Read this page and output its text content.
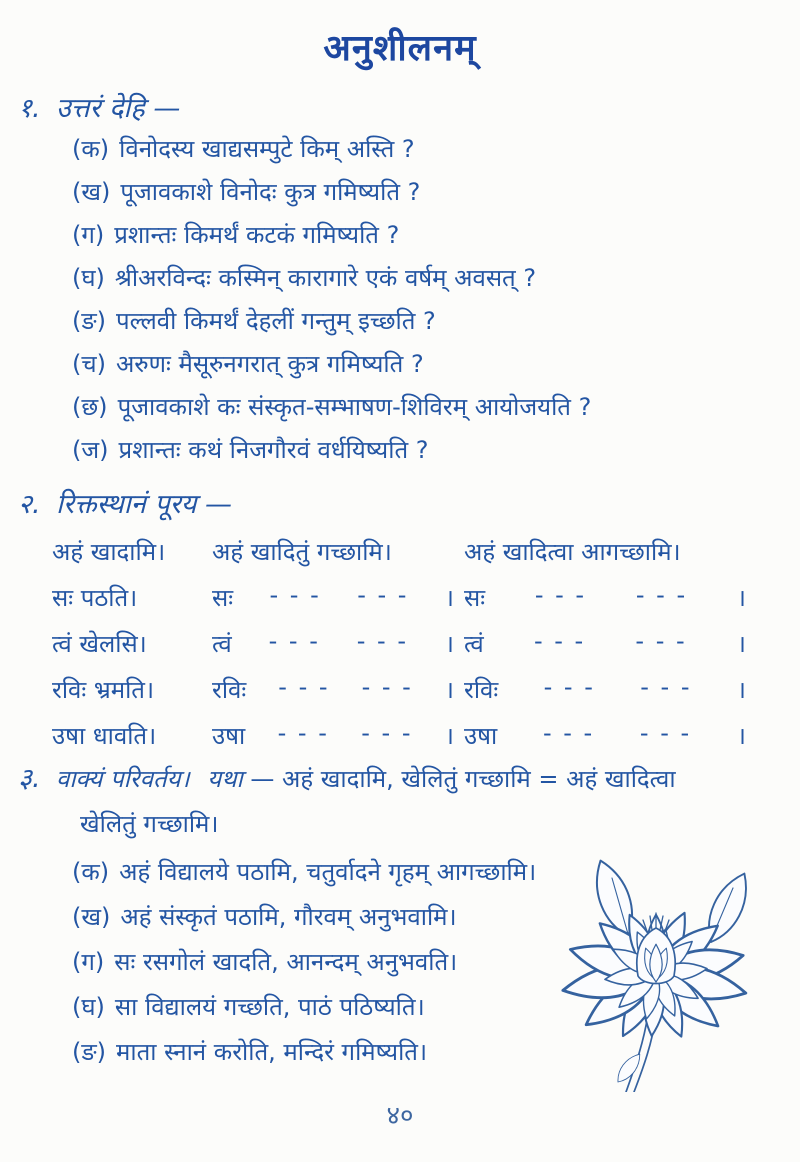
अनुशीलनम्
१. उत्तरं देहि —
(क) विनोदस्य खाद्यसम्पुटे किम् अस्ति ?
(ख) पूजावकाशे विनोदः कुत्र गमिष्यति ?
(ग) प्रशान्तः किमर्थं कटकं गमिष्यति ?
(घ) श्रीअरविन्दः कस्मिन् कारागारे एकं वर्षम् अवसत् ?
(ङ) पल्लवी किमर्थं देहलीं गन्तुम् इच्छति ?
(च) अरुणः मैसूरुनगरात् कुत्र गमिष्यति ?
(छ) पूजावकाशे कः संस्कृत-सम्भाषण-शिविरम् आयोजयति ?
(ज) प्रशान्तः कथं निजगौरवं वर्धयिष्यति ?
२. रिक्तस्थानं पूरय —
अहं खादामि।	अहं खादितुं गच्छामि।	अहं खादित्वा आगच्छामि।
सः पठति।	सः - - - - - - । सः - - - - - - ।
त्वं खेलसि।	त्वं - - - - - - । त्वं - - - - - - ।
रविः भ्रमति।	रविः - - - - - - । रविः - - - - - - ।
उषा धावति।	उषा - - - - - - । उषा - - - - - - ।
३. वाक्यं परिवर्तय। यथा — अहं खादामि, खेलितुं गच्छामि = अहं खादित्वा
खेलितुं गच्छामि।
(क) अहं विद्यालये पठामि, चतुर्वादने गृहम् आगच्छामि।
(ख) अहं संस्कृतं पठामि, गौरवम् अनुभवामि।
(ग) सः रसगोलं खादति, आनन्दम् अनुभवति।
(घ) सा विद्यालयं गच्छति, पाठं पठिष्यति।
(ङ) माता स्नानं करोति, मन्दिरं गमिष्यति।
४०
